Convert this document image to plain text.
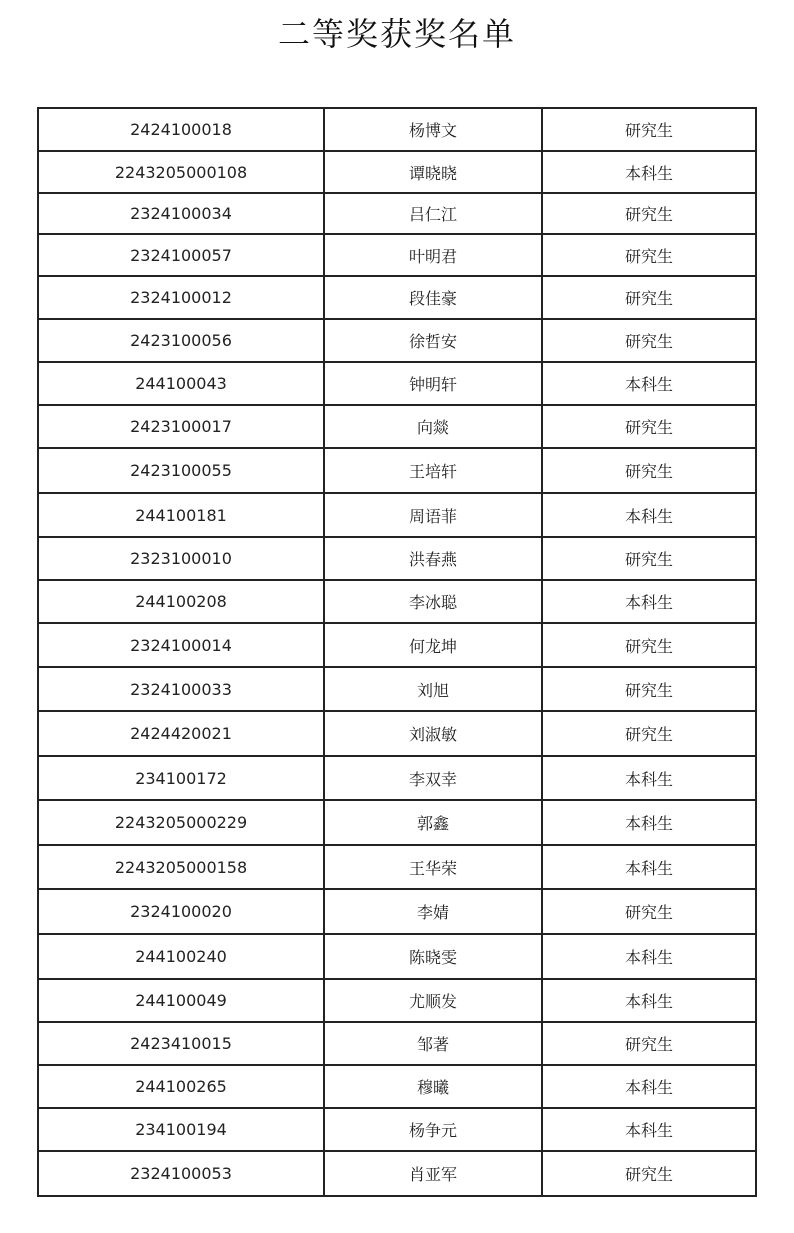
二等奖获奖名单
2424100018	杨博文	研究生
2243205000108	谭晓晓	本科生
2324100034	吕仁江	研究生
2324100057	叶明君	研究生
2324100012	段佳豪	研究生
2423100056	徐哲安	研究生
244100043	钟明轩	本科生
2423100017	向燚	研究生
2423100055	王培轩	研究生
244100181	周语菲	本科生
2323100010	洪春燕	研究生
244100208	李冰聪	本科生
2324100014	何龙坤	研究生
2324100033	刘旭	研究生
2424420021	刘淑敏	研究生
234100172	李双幸	本科生
2243205000229	郭鑫	本科生
2243205000158	王华荣	本科生
2324100020	李婧	研究生
244100240	陈晓雯	本科生
244100049	尤顺发	本科生
2423410015	邹著	研究生
244100265	穆曦	本科生
234100194	杨争元	本科生
2324100053	肖亚军	研究生
